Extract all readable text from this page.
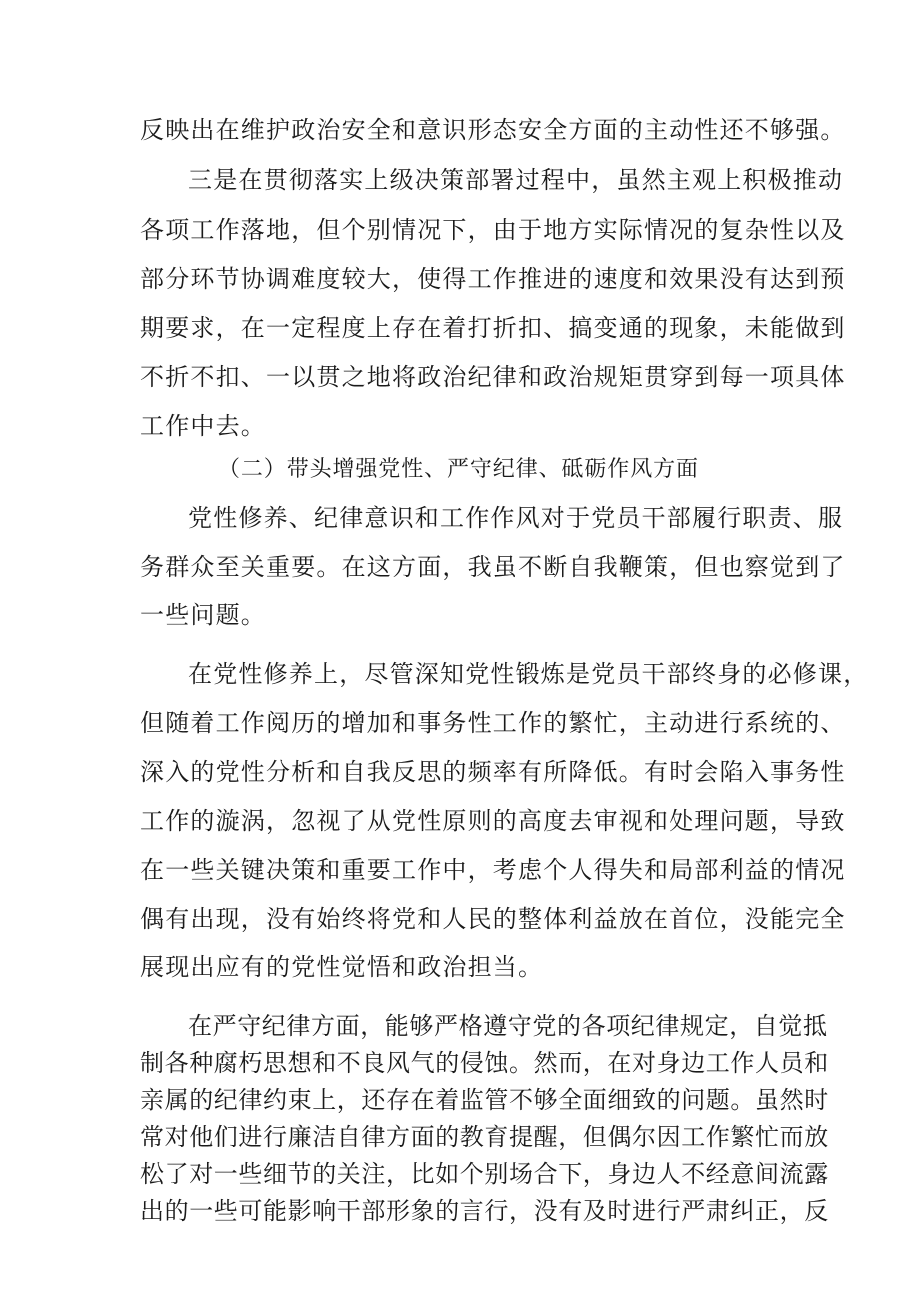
反映出在维护政治安全和意识形态安全方面的主动性还不够强。
三是在贯彻落实上级决策部署过程中，虽然主观上积极推动
各项工作落地，但个别情况下，由于地方实际情况的复杂性以及
部分环节协调难度较大，使得工作推进的速度和效果没有达到预
期要求，在一定程度上存在着打折扣、搞变通的现象，未能做到
不折不扣、一以贯之地将政治纪律和政治规矩贯穿到每一项具体
工作中去。
（二）带头增强党性、严守纪律、砥砺作风方面
党性修养、纪律意识和工作作风对于党员干部履行职责、服
务群众至关重要。在这方面，我虽不断自我鞭策，但也察觉到了
一些问题。
在党性修养上，尽管深知党性锻炼是党员干部终身的必修课，
但随着工作阅历的增加和事务性工作的繁忙，主动进行系统的、
深入的党性分析和自我反思的频率有所降低。有时会陷入事务性
工作的漩涡，忽视了从党性原则的高度去审视和处理问题，导致
在一些关键决策和重要工作中，考虑个人得失和局部利益的情况
偶有出现，没有始终将党和人民的整体利益放在首位，没能完全
展现出应有的党性觉悟和政治担当。
在严守纪律方面，能够严格遵守党的各项纪律规定，自觉抵
制各种腐朽思想和不良风气的侵蚀。然而，在对身边工作人员和
亲属的纪律约束上，还存在着监管不够全面细致的问题。虽然时
常对他们进行廉洁自律方面的教育提醒，但偶尔因工作繁忙而放
松了对一些细节的关注，比如个别场合下，身边人不经意间流露
出的一些可能影响干部形象的言行，没有及时进行严肃纠正，反
